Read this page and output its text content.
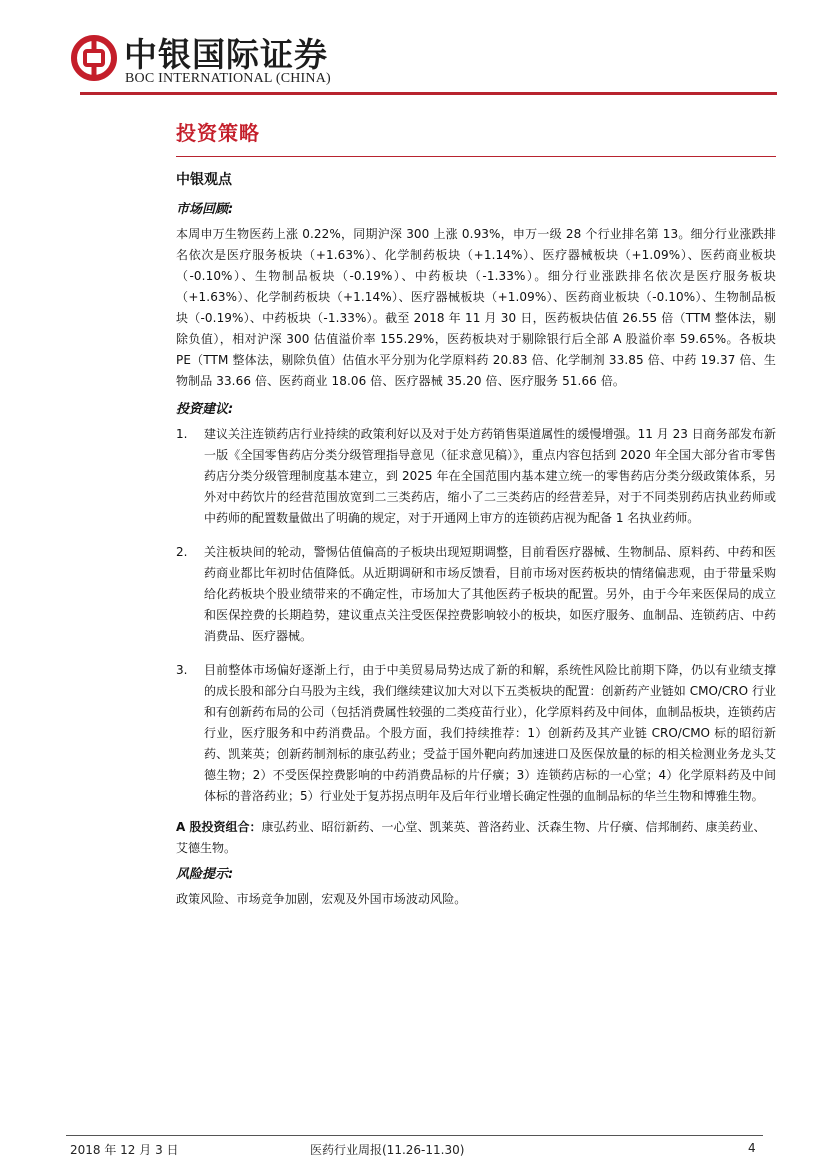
中银国际证券
BOC INTERNATIONAL (CHINA)
投资策略
中银观点
市场回顾:
本周申万生物医药上涨 0.22%，同期沪深 300 上涨 0.93%，申万一级 28 个行业排名第 13。细分行业涨跌排名依次是医疗服务板块（+1.63%）、化学制药板块（+1.14%）、医疗器械板块（+1.09%）、医药商业板块（-0.10%）、生物制品板块（-0.19%）、中药板块（-1.33%）。细分行业涨跌排名依次是医疗服务板块（+1.63%）、化学制药板块（+1.14%）、医疗器械板块（+1.09%）、医药商业板块（-0.10%）、生物制品板块（-0.19%）、中药板块（-1.33%）。截至 2018 年 11 月 30 日，医药板块估值 26.55 倍（TTM 整体法，剔除负值），相对沪深 300 估值溢价率 155.29%，医药板块对于剔除银行后全部 A 股溢价率 59.65%。各板块 PE（TTM 整体法，剔除负值）估值水平分别为化学原料药 20.83 倍、化学制剂 33.85 倍、中药 19.37 倍、生物制品 33.66 倍、医药商业 18.06 倍、医疗器械 35.20 倍、医疗服务 51.66 倍。
投资建议:
1.	建议关注连锁药店行业持续的政策利好以及对于处方药销售渠道属性的缓慢增强。11 月 23 日商务部发布新一版《全国零售药店分类分级管理指导意见（征求意见稿）》，重点内容包括到 2020 年全国大部分省市零售药店分类分级管理制度基本建立，到 2025 年在全国范围内基本建立统一的零售药店分类分级政策体系，另外对中药饮片的经营范围放宽到二三类药店，缩小了二三类药店的经营差异，对于不同类别药店执业药师或中药师的配置数量做出了明确的规定，对于开通网上审方的连锁药店视为配备 1 名执业药师。
2.	关注板块间的轮动，警惕估值偏高的子板块出现短期调整，目前看医疗器械、生物制品、原料药、中药和医药商业都比年初时估值降低。从近期调研和市场反馈看，目前市场对医药板块的情绪偏悲观，由于带量采购给化药板块个股业绩带来的不确定性，市场加大了其他医药子板块的配置。另外，由于今年来医保局的成立和医保控费的长期趋势，建议重点关注受医保控费影响较小的板块，如医疗服务、血制品、连锁药店、中药消费品、医疗器械。
3.	目前整体市场偏好逐渐上行，由于中美贸易局势达成了新的和解，系统性风险比前期下降，仍以有业绩支撑的成长股和部分白马股为主线，我们继续建议加大对以下五类板块的配置：创新药产业链如 CMO/CRO 行业和有创新药布局的公司（包括消费属性较强的二类疫苗行业），化学原料药及中间体，血制品板块，连锁药店行业，医疗服务和中药消费品。个股方面，我们持续推荐：1）创新药及其产业链 CRO/CMO 标的昭衍新药、凯莱英；创新药制剂标的康弘药业；受益于国外靶向药加速进口及医保放量的标的相关检测业务龙头艾德生物；2）不受医保控费影响的中药消费品标的片仔癀；3）连锁药店标的一心堂；4）化学原料药及中间体标的普洛药业；5）行业处于复苏拐点明年及后年行业增长确定性强的血制品标的华兰生物和博雅生物。
A 股投资组合：康弘药业、昭衍新药、一心堂、凯莱英、普洛药业、沃森生物、片仔癀、信邦制药、康美药业、艾德生物。
风险提示:
政策风险、市场竞争加剧，宏观及外国市场波动风险。
2018 年 12 月 3 日	医药行业周报(11.26-11.30)	4
